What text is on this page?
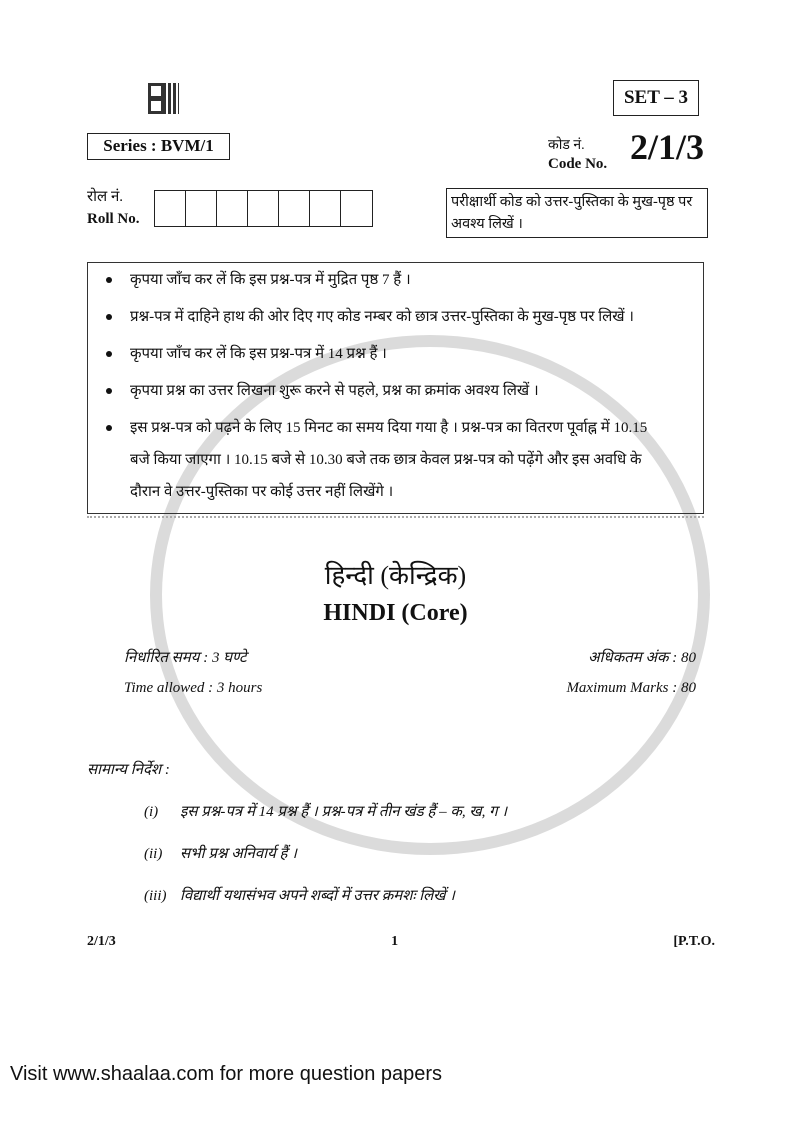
SET – 3
Series : BVM/1	कोड नं.
Code No. 2/1/3
रोल नं.
Roll No.
परीक्षार्थी कोड को उत्तर-पुस्तिका के मुख-पृष्ठ पर अवश्य लिखें ।
कृपया जाँच कर लें कि इस प्रश्न-पत्र में मुद्रित पृष्ठ 7 हैं ।
प्रश्न-पत्र में दाहिने हाथ की ओर दिए गए कोड नम्बर को छात्र उत्तर-पुस्तिका के मुख-पृष्ठ पर लिखें ।
कृपया जाँच कर लें कि इस प्रश्न-पत्र में 14 प्रश्न हैं ।
कृपया प्रश्न का उत्तर लिखना शुरू करने से पहले, प्रश्न का क्रमांक अवश्य लिखें ।
इस प्रश्न-पत्र को पढ़ने के लिए 15 मिनट का समय दिया गया है । प्रश्न-पत्र का वितरण पूर्वाह्न में 10.15
बजे किया जाएगा । 10.15 बजे से 10.30 बजे तक छात्र केवल प्रश्न-पत्र को पढ़ेंगे और इस अवधि के
दौरान वे उत्तर-पुस्तिका पर कोई उत्तर नहीं लिखेंगे ।
हिन्दी (केन्द्रिक)
HINDI (Core)
निर्धारित समय : 3 घण्टे
Time allowed : 3 hours
अधिकतम अंक : 80
Maximum Marks : 80
सामान्य निर्देश :
(i)	इस प्रश्न-पत्र में 14 प्रश्न हैं । प्रश्न-पत्र में तीन खंड हैं – क, ख, ग ।
(ii)	सभी प्रश्न अनिवार्य हैं ।
(iii) विद्यार्थी यथासंभव अपने शब्दों में उत्तर क्रमशः लिखें ।
2/1/3	1	[P.T.O.
Visit www.shaalaa.com for more question papers
